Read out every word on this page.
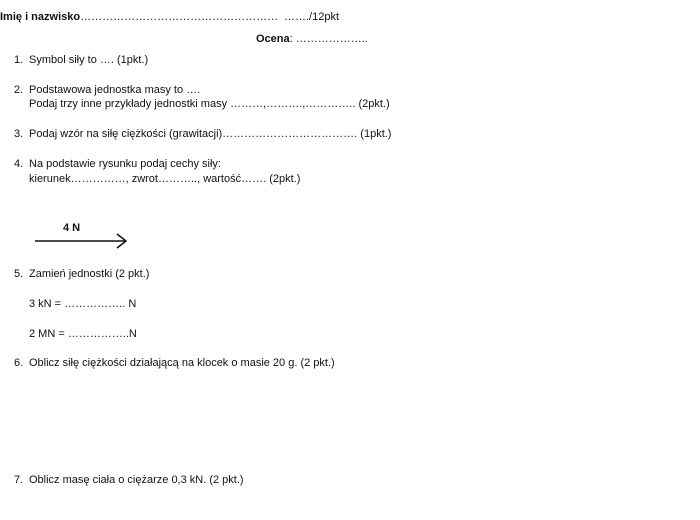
Imię i nazwisko……………………………………………… ……./12pkt
Ocena: ………………..
1. Symbol siły to …. (1pkt.)
2. Podstawowa jednostka masy to ….
Podaj trzy inne przykłady jednostki masy ………,……….,………….. (2pkt.)
3. Podaj wzór na siłę ciężkości (grawitacji)………………………………. (1pkt.)
4. Na podstawie rysunku podaj cechy siły:
kierunek……………, zwrot……….., wartość……. (2pkt.)
4 N
5. Zamień jednostki (2 pkt.)
3 kN = …………….. N
2 MN = ……………..N
6. Oblicz siłę ciężkości działającą na klocek o masie 20 g. (2 pkt.)
7. Oblicz masę ciała o ciężarze 0,3 kN. (2 pkt.)
